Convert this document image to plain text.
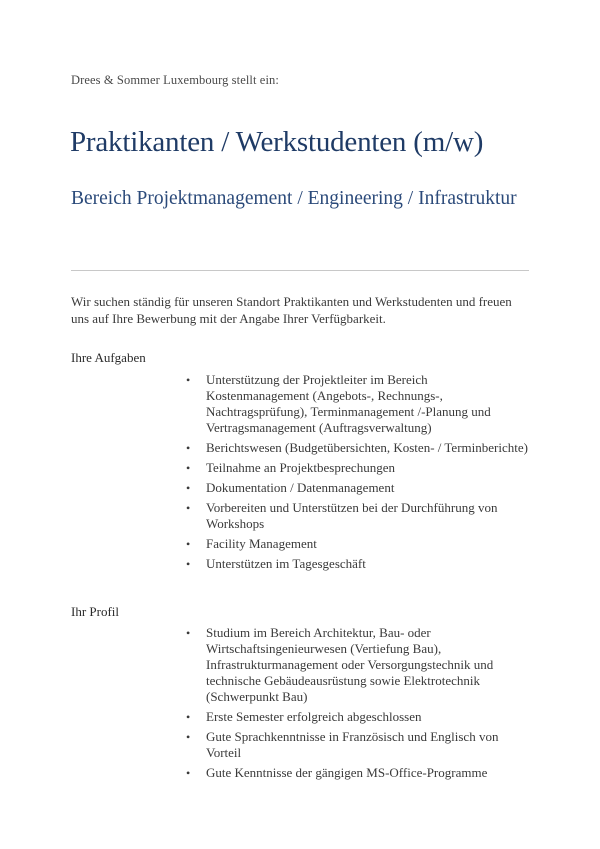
Drees & Sommer Luxembourg stellt ein:
Praktikanten / Werkstudenten (m/w)
Bereich Projektmanagement / Engineering / Infrastruktur
Wir suchen ständig für unseren Standort Praktikanten und Werkstudenten und freuen uns auf Ihre Bewerbung mit der Angabe Ihrer Verfügbarkeit.
Ihre Aufgaben
•	Unterstützung der Projektleiter im Bereich Kostenmanagement (Angebots-, Rechnungs-, Nachtragsprüfung), Terminmanagement /-Planung und Vertragsmanagement (Auftragsverwaltung)
•	Berichtswesen (Budgetübersichten, Kosten- / Terminberichte)
•	Teilnahme an Projektbesprechungen
•	Dokumentation / Datenmanagement
•	Vorbereiten und Unterstützen bei der Durchführung von Workshops
•	Facility Management
•	Unterstützen im Tagesgeschäft
Ihr Profil
•	Studium im Bereich Architektur, Bau- oder Wirtschaftsingenieurwesen (Vertiefung Bau), Infrastrukturmanagement oder Versorgungstechnik und technische Gebäudeausrüstung sowie Elektrotechnik (Schwerpunkt Bau)
•	Erste Semester erfolgreich abgeschlossen
•	Gute Sprachkenntnisse in Französisch und Englisch von Vorteil
•	Gute Kenntnisse der gängigen MS-Office-Programme
